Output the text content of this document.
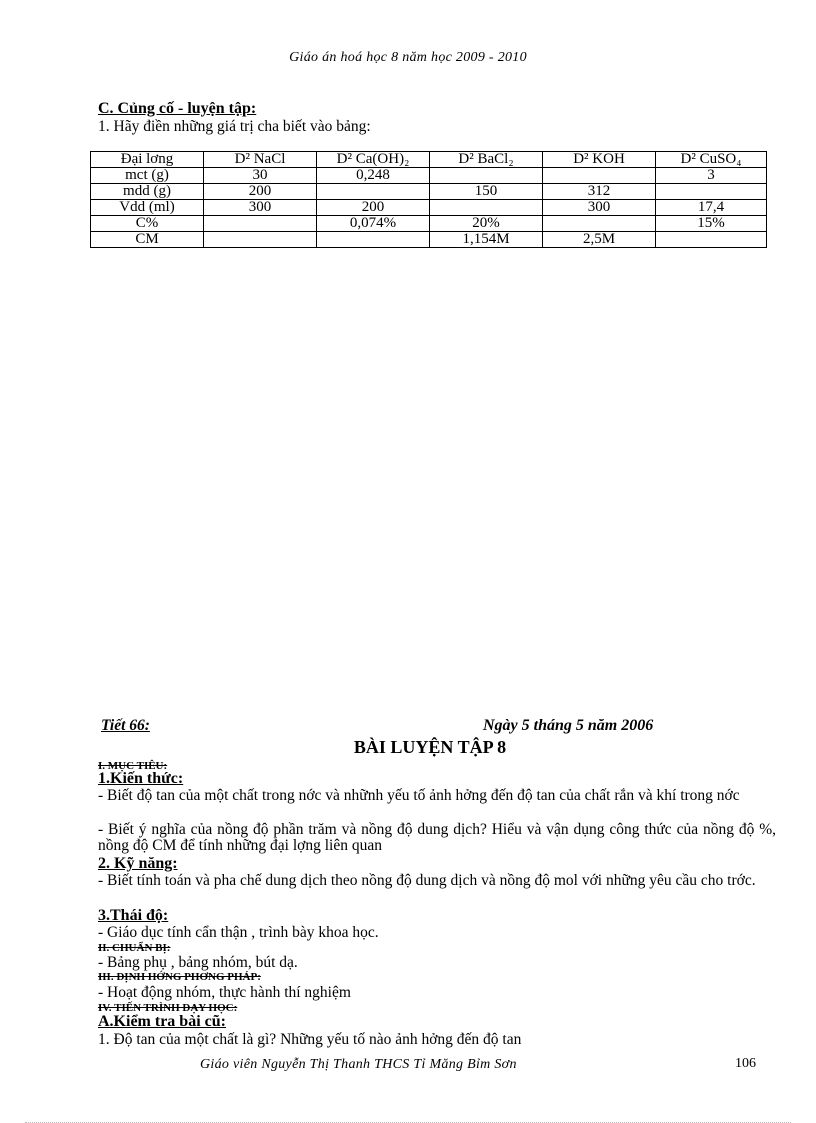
Giáo án hoá học 8 năm học 2009 - 2010
C. Củng cố - luyện tập:
1. Hãy điền những giá trị cha biết vào bảng:
Đại lơng	D² NaCl	D² Ca(OH)₂	D² BaCl₂	D² KOH	D² CuSO₄
mct (g)	30	0,248			3
mdd (g)	200		150	312	
Vdd (ml)	300	200		300	17,4
C%		0,074%	20%		15%
CM			1,154M	2,5M	
Tiết 66:	Ngày 5 tháng 5 năm 2006
BÀI LUYỆN TẬP 8
I. MỤC TIÊU:
1.Kiến thức:
- Biết độ tan của một chất trong nớc và nhữnh yếu tố ảnh hởng đến độ tan của chất rắn và khí trong nớc
- Biết ý nghĩa của nồng độ phần trăm và nồng độ dung dịch? Hiểu và vận dụng công thức của nồng độ %, nồng độ CM để tính những đại lợng liên quan
2. Kỹ năng:
- Biết tính toán và pha chế dung dịch theo nồng độ dung dịch và nồng độ mol với những yêu cầu cho trớc.
3.Thái độ:
- Giáo dục tính cẩn thận , trình bày khoa học.
II. CHUẨN BỊ:
- Bảng phụ , bảng nhóm, bút dạ.
III. ĐỊNH HỚNG PHƠNG PHÁP:
- Hoạt động nhóm, thực hành thí nghiệm
IV. TIẾN TRÌNH DẠY HỌC:
A.Kiểm tra bài cũ:
1. Độ tan của một chất là gì? Những yếu tố nào ảnh hởng đến độ tan
Giáo viên Nguyễn Thị Thanh THCS Tỉ Măng Bỉm Sơn	106
